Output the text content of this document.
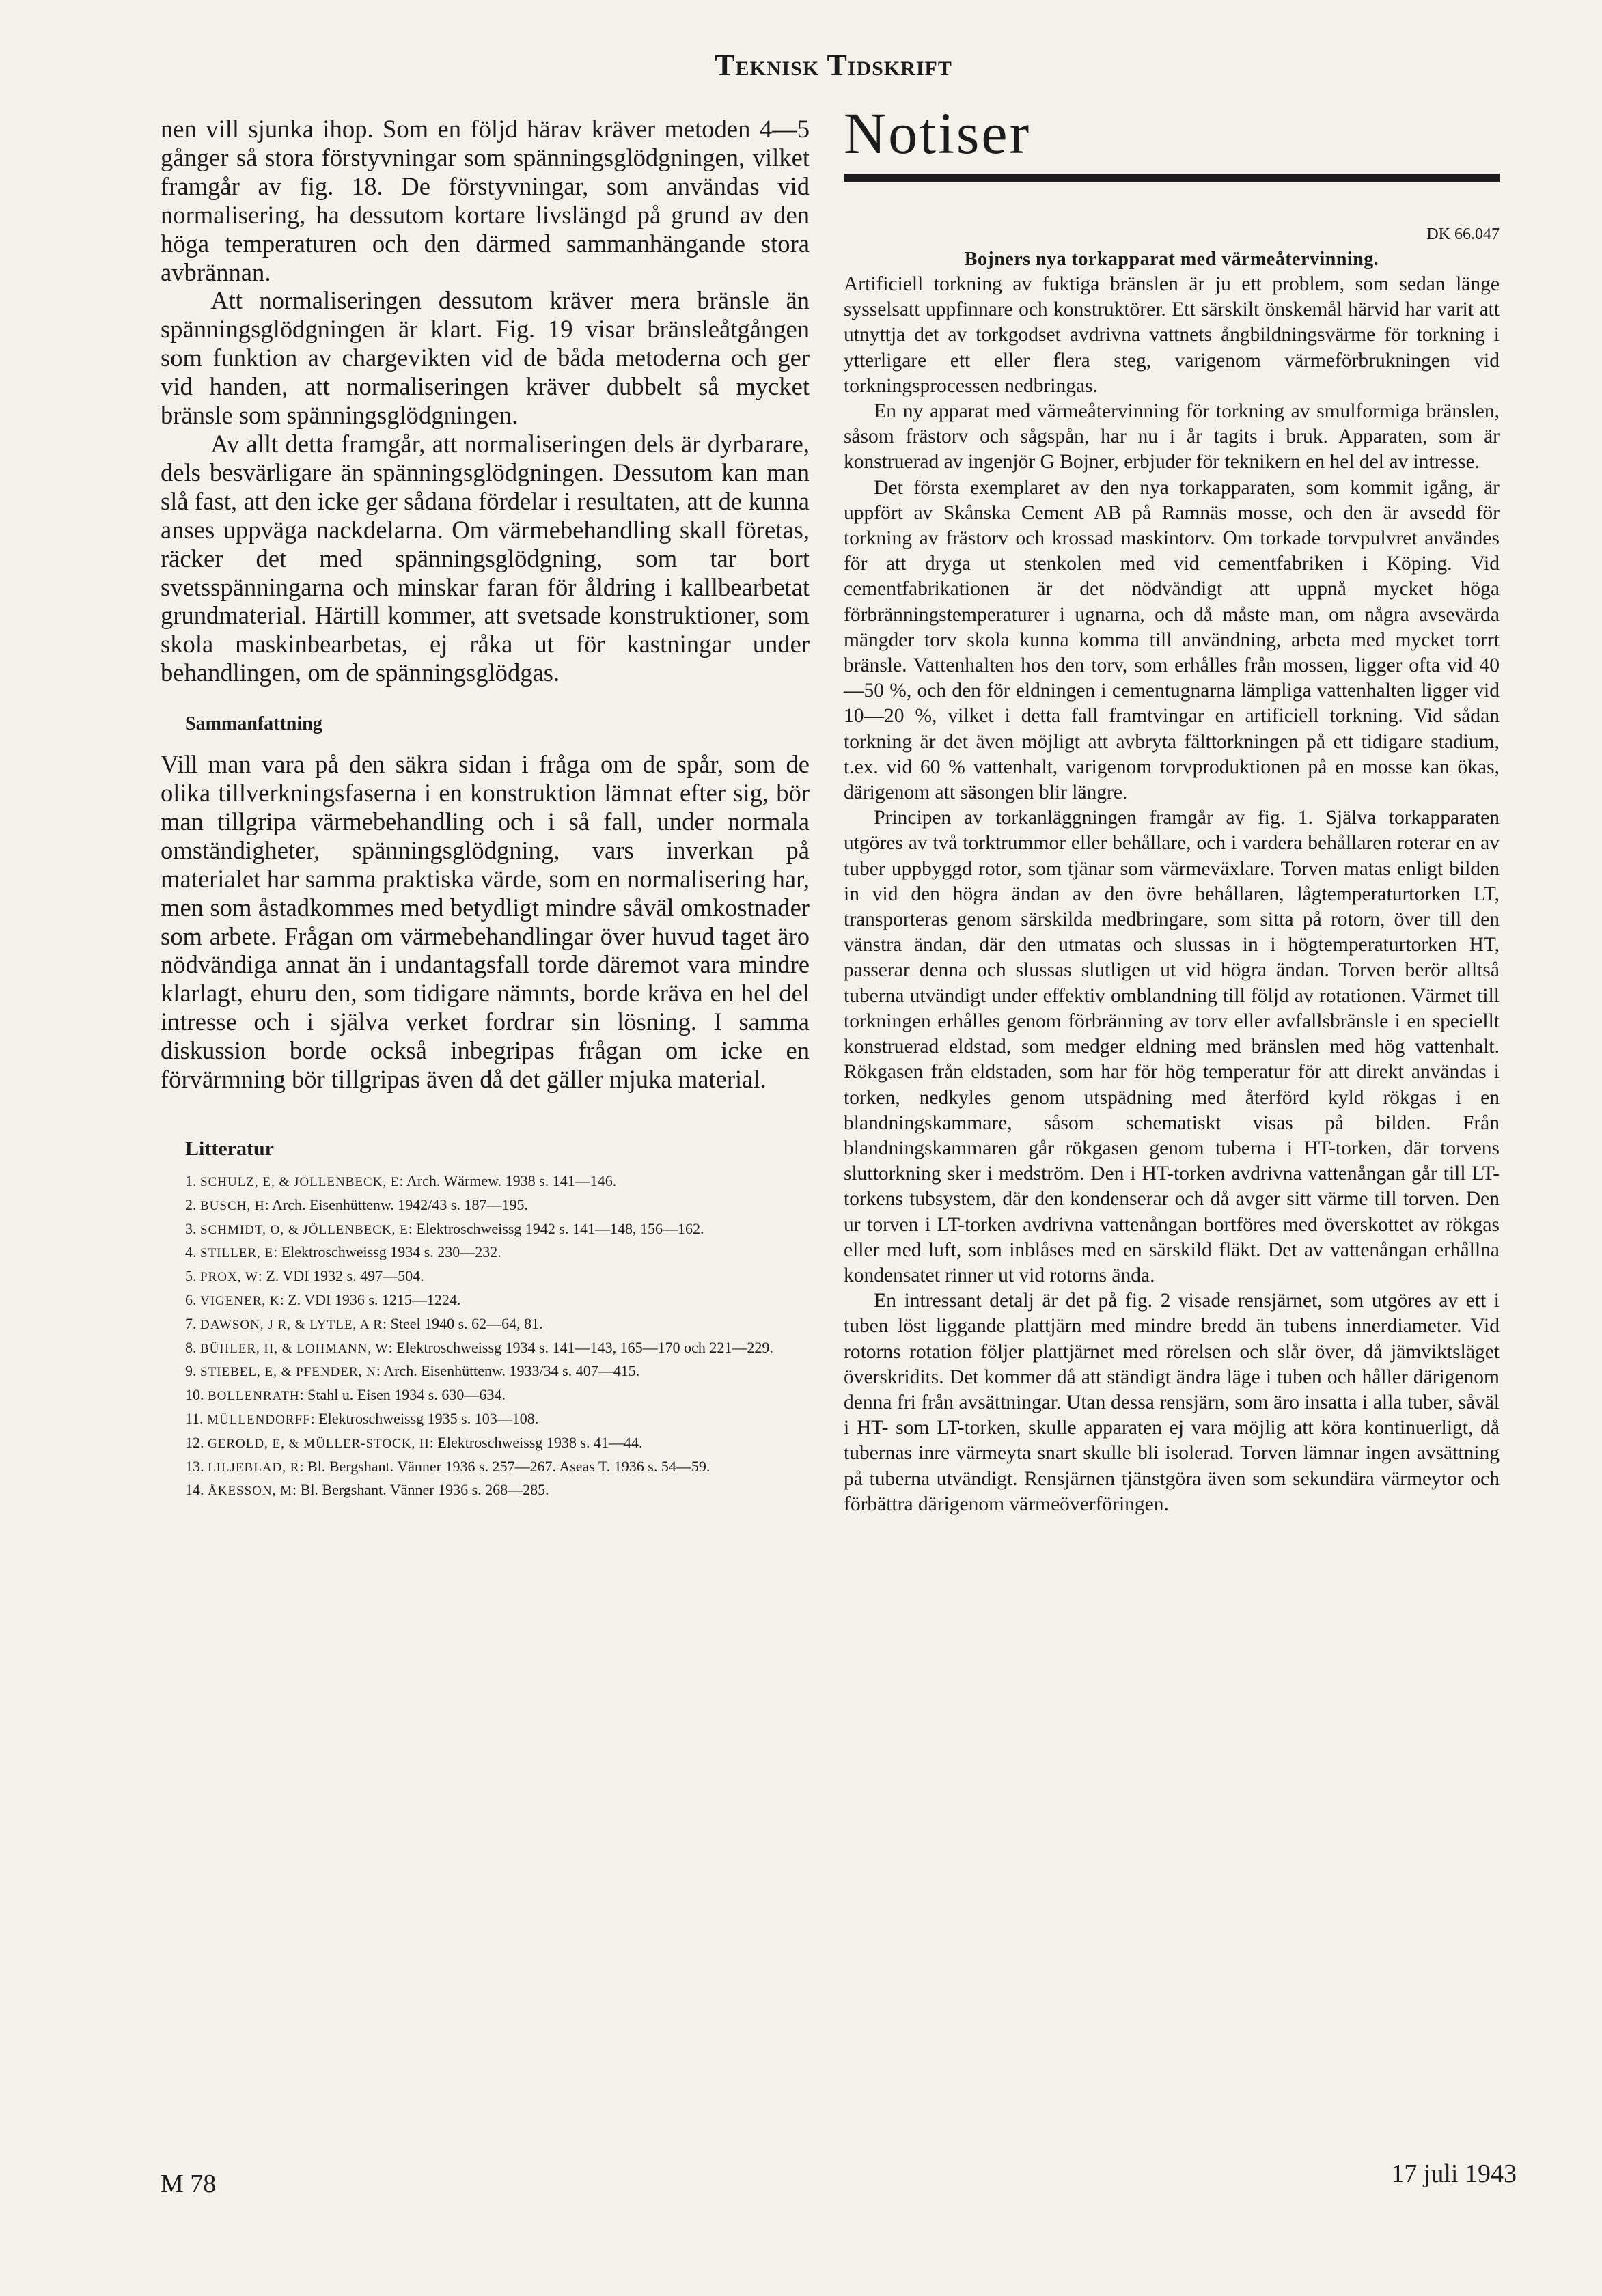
TEKNISK TIDSKRIFT

nen vill sjunka ihop. Som en följd härav kräver metoden 4—5 gånger så stora förstyvningar som spänningsglödgningen, vilket framgår av fig. 18. De förstyvningar, som användas vid normalisering, ha dessutom kortare livslängd på grund av den höga temperaturen och den därmed sammanhängande stora avbrännan.

Att normaliseringen dessutom kräver mera bränsle än spänningsglödgningen är klart. Fig. 19 visar bränsleåtgången som funktion av chargevikten vid de båda metoderna och ger vid handen, att normaliseringen kräver dubbelt så mycket bränsle som spänningsglödgningen.

Av allt detta framgår, att normaliseringen dels är dyrbarare, dels besvärligare än spänningsglödgningen. Dessutom kan man slå fast, att den icke ger sådana fördelar i resultaten, att de kunna anses uppväga nackdelarna. Om värmebehandling skall företas, räcker det med spänningsglödgning, som tar bort svetsspänningarna och minskar faran för åldring i kallbearbetat grundmaterial. Härtill kommer, att svetsade konstruktioner, som skola maskinbearbetas, ej råka ut för kastningar under behandlingen, om de spänningsglödgas.

Sammanfattning

Vill man vara på den säkra sidan i fråga om de spår, som de olika tillverkningsfaserna i en konstruktion lämnat efter sig, bör man tillgripa värmebehandling och i så fall, under normala omständigheter, spänningsglödgning, vars inverkan på materialet har samma praktiska värde, som en normalisering har, men som åstadkommes med betydligt mindre såväl omkostnader som arbete. Frågan om värmebehandlingar över huvud taget äro nödvändiga annat än i undantagsfall torde däremot vara mindre klarlagt, ehuru den, som tidigare nämnts, borde kräva en hel del intresse och i själva verket fordrar sin lösning. I samma diskussion borde också inbegripas frågan om icke en förvärmning bör tillgripas även då det gäller mjuka material.

Litteratur

1. SCHULZ, E, & JÖLLENBECK, E: Arch. Wärmew. 1938 s. 141—146.

2. BUSCH, H: Arch. Eisenhüttenw. 1942/43 s. 187—195.

3. SCHMIDT, O, & JÖLLENBECK, E: Elektroschweissg 1942 s. 141—148, 156—162.

4. STILLER, E: Elektroschweissg 1934 s. 230—232.

5. PROX, W: Z. VDI 1932 s. 497—504.

6. VIGENER, K: Z. VDI 1936 s. 1215—1224.

7. DAWSON, J R, & LYTLE, A R: Steel 1940 s. 62—64, 81.

8. BÜHLER, H, & LOHMANN, W: Elektroschweissg 1934 s. 141—143, 165—170 och 221—229.

9. STIEBEL, E, & PFENDER, N: Arch. Eisenhüttenw. 1933/34 s. 407—415.

10. BOLLENRATH: Stahl u. Eisen 1934 s. 630—634.

11. MÜLLENDORFF: Elektroschweissg 1935 s. 103—108.

12. GEROLD, E, & MÜLLER-STOCK, H: Elektroschweissg 1938 s. 41—44.

13. LILJEBLAD, R: Bl. Bergshant. Vänner 1936 s. 257—267. Aseas T. 1936 s. 54—59.

14. ÅKESSON, M: Bl. Bergshant. Vänner 1936 s. 268—285.

Notiser
DK 66.047
Bojners nya torkapparat med värmeåtervinning.

Artificiell torkning av fuktiga bränslen är ju ett problem, som sedan länge sysselsatt uppfinnare och konstruktörer. Ett särskilt önskemål härvid har varit att utnyttja det av torkgodset avdrivna vattnets ångbildningsvärme för torkning i ytterligare ett eller flera steg, varigenom värmeförbrukningen vid torkningsprocessen nedbringas.

En ny apparat med värmeåtervinning för torkning av smulformiga bränslen, såsom frästorv och sågspån, har nu i år tagits i bruk. Apparaten, som är konstruerad av ingenjör G Bojner, erbjuder för teknikern en hel del av intresse.

Det första exemplaret av den nya torkapparaten, som kommit igång, är uppfört av Skånska Cement AB på Ramnäs mosse, och den är avsedd för torkning av frästorv och krossad maskintorv. Om torkade torvpulvret användes för att dryga ut stenkolen med vid cementfabriken i Köping. Vid cementfabrikationen är det nödvändigt att uppnå mycket höga förbränningstemperaturer i ugnarna, och då måste man, om några avsevärda mängder torv skola kunna komma till användning, arbeta med mycket torrt bränsle. Vattenhalten hos den torv, som erhålles från mossen, ligger ofta vid 40—50 %, och den för eldningen i cementugnarna lämpliga vattenhalten ligger vid 10—20 %, vilket i detta fall framtvingar en artificiell torkning. Vid sådan torkning är det även möjligt att avbryta fälttorkningen på ett tidigare stadium, t.ex. vid 60 % vattenhalt, varigenom torvproduktionen på en mosse kan ökas, därigenom att säsongen blir längre.

Principen av torkanläggningen framgår av fig. 1. Själva torkapparaten utgöres av två torktrummor eller behållare, och i vardera behållaren roterar en av tuber uppbyggd rotor, som tjänar som värmeväxlare. Torven matas enligt bilden in vid den högra ändan av den övre behållaren, lågtemperaturtorken LT, transporteras genom särskilda medbringare, som sitta på rotorn, över till den vänstra ändan, där den utmatas och slussas in i högtemperaturtorken HT, passerar denna och slussas slutligen ut vid högra ändan. Torven berör alltså tuberna utvändigt under effektiv omblandning till följd av rotationen. Värmet till torkningen erhålles genom förbränning av torv eller avfallsbränsle i en speciellt konstruerad eldstad, som medger eldning med bränslen med hög vattenhalt. Rökgasen från eldstaden, som har för hög temperatur för att direkt användas i torken, nedkyles genom utspädning med återförd kyld rökgas i en blandningskammare, såsom schematiskt visas på bilden. Från blandningskammaren går rökgasen genom tuberna i HT-torken, där torvens sluttorkning sker i medström. Den i HT-torken avdrivna vattenångan går till LT-torkens tubsystem, där den kondenserar och då avger sitt värme till torven. Den ur torven i LT-torken avdrivna vattenångan bortföres med överskottet av rökgas eller med luft, som inblåses med en särskild fläkt. Det av vattenångan erhållna kondensatet rinner ut vid rotorns ända.

En intressant detalj är det på fig. 2 visade rensjärnet, som utgöres av ett i tuben löst liggande plattjärn med mindre bredd än tubens innerdiameter. Vid rotorns rotation följer plattjärnet med rörelsen och slår över, då jämviktsläget överskridits. Det kommer då att ständigt ändra läge i tuben och håller därigenom denna fri från avsättningar. Utan dessa rensjärn, som äro insatta i alla tuber, såväl i HT- som LT-torken, skulle apparaten ej vara möjlig att köra kontinuerligt, då tubernas inre värmeyta snart skulle bli isolerad. Torven lämnar ingen avsättning på tuberna utvändigt. Rensjärnen tjänstgöra även som sekundära värmeytor och förbättra därigenom värmeöverföringen.

M 78	17 juli 1943
